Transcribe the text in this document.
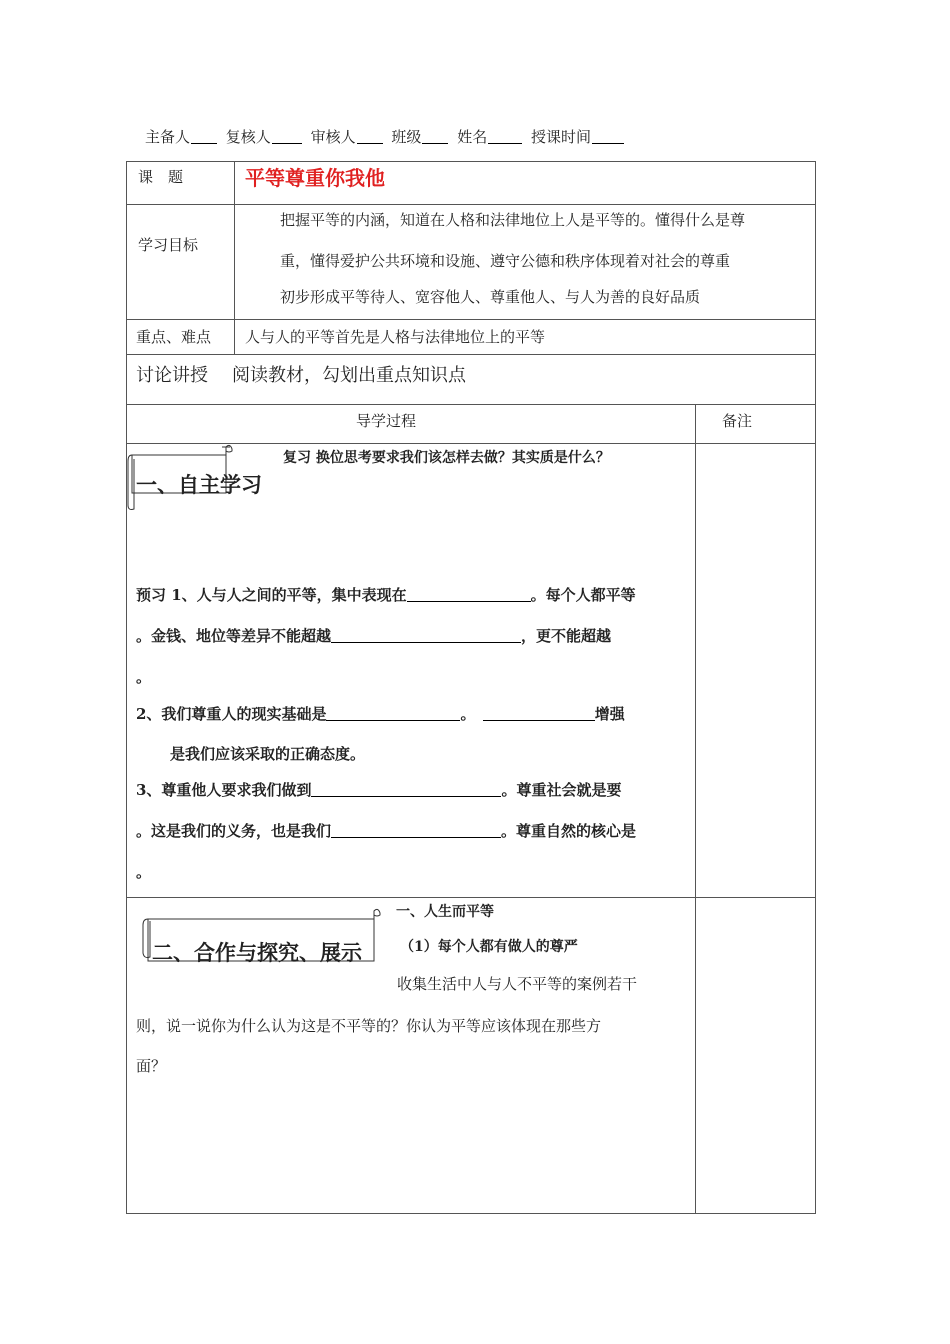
主备人 复核人	审核人 班级 姓名	授课时间
课　题	平等尊重你我他
学习目标
把握平等的内涵，知道在人格和法律地位上人是平等的。懂得什么是尊
重，懂得爱护公共环境和设施、遵守公德和秩序体现着对社会的尊重
初步形成平等待人、宽容他人、尊重他人、与人为善的良好品质
重点、难点 人与人的平等首先是人格与法律地位上的平等
讨论讲授 阅读教材，勾划出重点知识点
导学过程	备注
一、自主学习
复习 换位思考要求我们该怎样去做？其实质是什么？
预习 1、人与人之间的平等，集中表现在	。每个人都平等
。金钱、地位等差异不能超越	，更不能超越
。
2、我们尊重人的现实基础是	。	增强
是我们应该采取的正确态度。
3、尊重他人要求我们做到	。尊重社会就是要
。这是我们的义务，也是我们	。尊重自然的核心是
。
二、合作与探究、展示
一、人生而平等
（1）每个人都有做人的尊严
收集生活中人与人不平等的案例若干
则，说一说你为什么认为这是不平等的？你认为平等应该体现在那些方
面？
